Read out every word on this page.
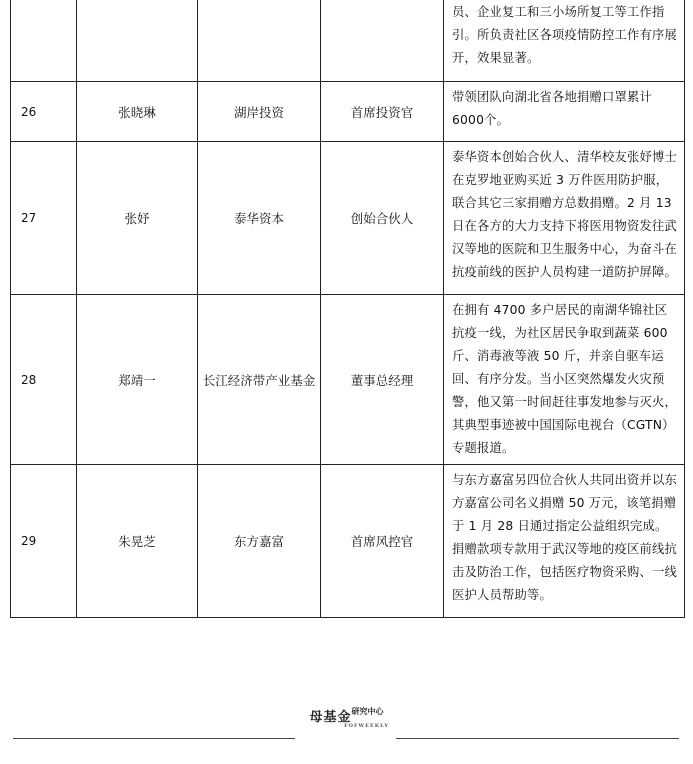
				员、企业复工和三小场所复工等工作指引。所负责社区各项疫情防控工作有序展开，效果显著。
26	张晓琳	湖岸投资	首席投资官	带领团队向湖北省各地捐赠口罩累计6000个。
27	张妤	泰华资本	创始合伙人	泰华资本创始合伙人、清华校友张妤博士在克罗地亚购买近 3 万件医用防护服，联合其它三家捐赠方总数捐赠。2 月 13 日在各方的大力支持下将医用物资发往武汉等地的医院和卫生服务中心，为奋斗在抗疫前线的医护人员构建一道防护屏障。
28	郑靖一	长江经济带产业基金	董事总经理	在拥有 4700 多户居民的南湖华锦社区抗疫一线，为社区居民争取到蔬菜 600 斤、消毒液等液 50 斤，并亲自驱车运回、有序分发。当小区突然爆发火灾预警，他又第一时间赶往事发地参与灭火，其典型事迹被中国国际电视台（CGTN）专题报道。
29	朱晃芝	东方嘉富	首席风控官	与东方嘉富另四位合伙人共同出资并以东方嘉富公司名义捐赠 50 万元，该笔捐赠于 1 月 28 日通过指定公益组织完成。捐赠款项专款用于武汉等地的疫区前线抗击及防治工作，包括医疗物资采购、一线医护人员帮助等。
母基金$^{研究中心}$
FOFWEEKLY
